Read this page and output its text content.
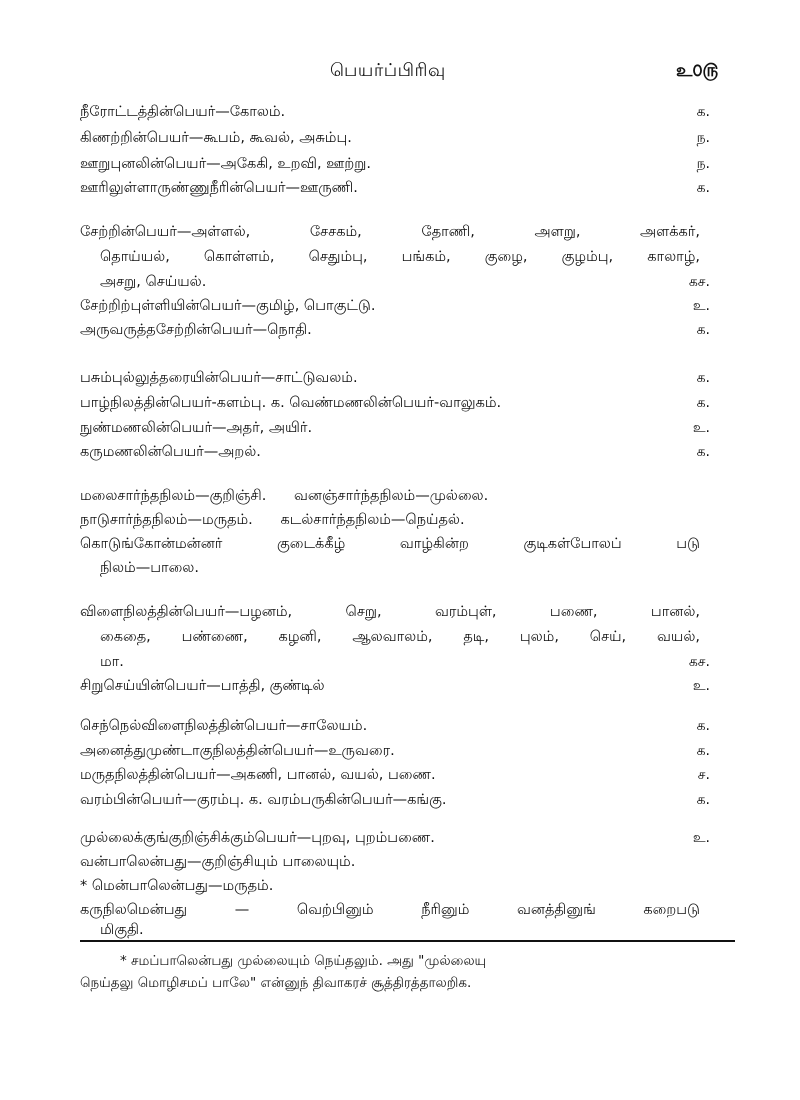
பெயர்ப்பிரிவு	உ௦௫
நீரோட்டத்தின்பெயர்—கோலம்.	க.
கிணற்றின்பெயர்—கூபம், கூவல், அசும்பு.	ந.
ஊறுபுனலின்பெயர்—அகேகி, உறவி, ஊற்று.	ந.
ஊரிலுள்ளாருண்ணுநீரின்பெயர்—ஊருணி.	க.
சேற்றின்பெயர்—அள்ளல், சேசகம், தோணி, அளறு, அளக்கர்,
தொய்யல், கொள்ளம், செதும்பு, பங்கம், குழை, குழம்பு, காலாழ்,
அசறு, செய்யல்.	கச.
சேற்றிற்புள்ளியின்பெயர்—குமிழ், பொகுட்டு.	உ.
அருவருத்தசேற்றின்பெயர்—நொதி.	க.
பசும்புல்லுத்தரையின்பெயர்—சாட்டுவலம்.	க.
பாழ்நிலத்தின்பெயர்-களம்பு. க. வெண்மணலின்பெயர்-வாலுகம்.	க.
நுண்மணலின்பெயர்—அதர், அயிர்.	உ.
கருமணலின்பெயர்—அறல்.	க.
மலைசார்ந்தநிலம்—குறிஞ்சி.      வனஞ்சார்ந்தநிலம்—முல்லை.
நாடுசார்ந்தநிலம்—மருதம்.      கடல்சார்ந்தநிலம்—நெய்தல்.
கொடுங்கோன்மன்னர் குடைக்கீழ் வாழ்கின்ற குடிகள்போலப் படு
நிலம்—பாலை.
விளைநிலத்தின்பெயர்—பழனம், செறு, வரம்புள், பணை, பானல்,
கைதை, பண்ணை, கழனி, ஆலவாலம், தடி, புலம், செய், வயல்,
மா.	கச.
சிறுசெய்யின்பெயர்—பாத்தி, குண்டில்	உ.
செந்நெல்விளைநிலத்தின்பெயர்—சாலேயம்.	க.
அனைத்துமுண்டாகுநிலத்தின்பெயர்—உருவரை.	க.
மருதநிலத்தின்பெயர்—அகணி, பானல், வயல், பணை.	ச.
வரம்பின்பெயர்—குரம்பு. க. வரம்பருகின்பெயர்—கங்கு.	க.
முல்லைக்குங்குறிஞ்சிக்கும்பெயர்—புறவு, புறம்பணை.	உ.
வன்பாலென்பது—குறிஞ்சியும் பாலையும்.
* மென்பாலென்பது—மருதம்.
கருநிலமென்பது — வெற்பினும் நீரினும் வனத்தினுங் கறைபடு
மிகுதி.
* சமப்பாலென்பது முல்லையும் நெய்தலும். அது "முல்லையு
நெய்தலு மொழிசமப் பாலே" என்னுந் திவாகரச் சூத்திரத்தாலறிக.
